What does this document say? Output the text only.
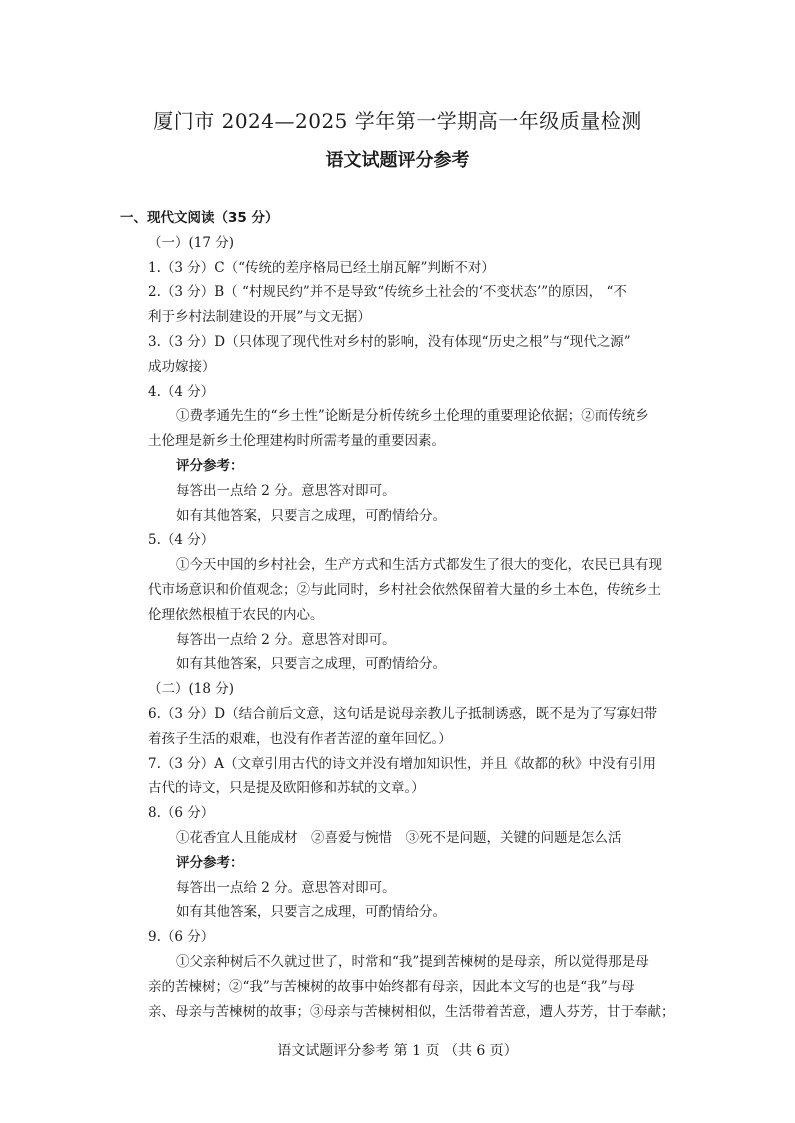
厦门市 2024—2025 学年第一学期高一年级质量检测
语文试题评分参考
一、现代文阅读（35 分）
（一）(17 分)
1.（3 分）C（“传统的差序格局已经土崩瓦解”判断不对）
2.（3 分）B（ “村规民约”并不是导致“传统乡土社会的‘不变状态’”的原因， “不
利于乡村法制建设的开展”与文无据）
3.（3 分）D（只体现了现代性对乡村的影响，没有体现“历史之根”与“现代之源”
成功嫁接）
4.（4 分）
①费孝通先生的“乡土性”论断是分析传统乡土伦理的重要理论依据；②而传统乡
土伦理是新乡土伦理建构时所需考量的重要因素。
评分参考：
每答出一点给 2 分。意思答对即可。
如有其他答案，只要言之成理，可酌情给分。
5.（4 分）
①今天中国的乡村社会，生产方式和生活方式都发生了很大的变化，农民已具有现
代市场意识和价值观念；②与此同时，乡村社会依然保留着大量的乡土本色，传统乡土
伦理依然根植于农民的内心。
每答出一点给 2 分。意思答对即可。
如有其他答案，只要言之成理，可酌情给分。
（二）(18 分)
6.（3 分）D（结合前后文意，这句话是说母亲教儿子抵制诱惑，既不是为了写寡妇带
着孩子生活的艰难，也没有作者苦涩的童年回忆。）
7.（3 分）A（文章引用古代的诗文并没有增加知识性，并且《故都的秋》中没有引用
古代的诗文，只是提及欧阳修和苏轼的文章。）
8.（6 分）
①花香宜人且能成材　②喜爱与惋惜　③死不是问题，关键的问题是怎么活
评分参考：
每答出一点给 2 分。意思答对即可。
如有其他答案，只要言之成理，可酌情给分。
9.（6 分）
①父亲种树后不久就过世了，时常和“我”提到苦楝树的是母亲，所以觉得那是母
亲的苦楝树；②“我”与苦楝树的故事中始终都有母亲，因此本文写的也是“我”与母
亲、母亲与苦楝树的故事；③母亲与苦楝树相似，生活带着苦意，遭人芬芳，甘于奉献；
语文试题评分参考 第 1 页 （共 6 页）
